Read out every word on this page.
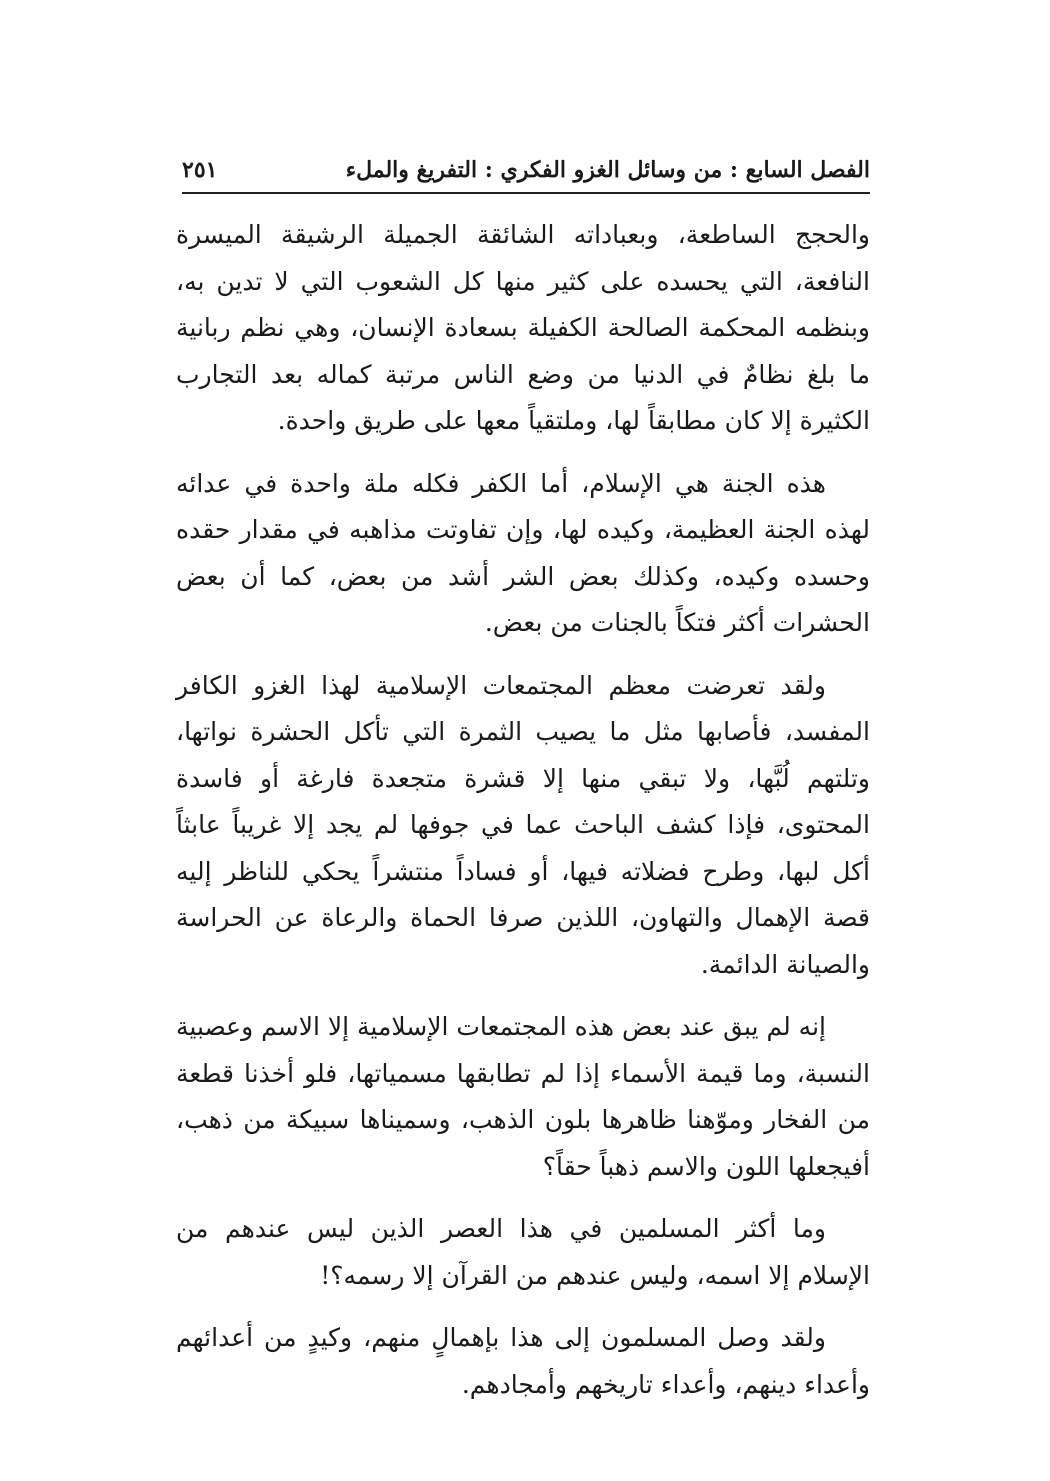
الفصل السابع : من وسائل الغزو الفكري : التفريغ والملء
٢٥١

والحجج الساطعة، وبعباداته الشائقة الجميلة الرشيقة الميسرة النافعة، التي يحسده على كثير منها كل الشعوب التي لا تدين به، وبنظمه المحكمة الصالحة الكفيلة بسعادة الإنسان، وهي نظم ربانية ما بلغ نظامٌ في الدنيا من وضع الناس مرتبة كماله بعد التجارب الكثيرة إلا كان مطابقاً لها، وملتقياً معها على طريق واحدة.

هذه الجنة هي الإسلام، أما الكفر فكله ملة واحدة في عدائه لهذه الجنة العظيمة، وكيده لها، وإن تفاوتت مذاهبه في مقدار حقده وحسده وكيده، وكذلك بعض الشر أشد من بعض، كما أن بعض الحشرات أكثر فتكاً بالجنات من بعض.

ولقد تعرضت معظم المجتمعات الإسلامية لهذا الغزو الكافر المفسد، فأصابها مثل ما يصيب الثمرة التي تأكل الحشرة نواتها، وتلتهم لُبَّها، ولا تبقي منها إلا قشرة متجعدة فارغة أو فاسدة المحتوى، فإذا كشف الباحث عما في جوفها لم يجد إلا غريباً عابثاً أكل لبها، وطرح فضلاته فيها، أو فساداً منتشراً يحكي للناظر إليه قصة الإهمال والتهاون، اللذين صرفا الحماة والرعاة عن الحراسة والصيانة الدائمة.

إنه لم يبق عند بعض هذه المجتمعات الإسلامية إلا الاسم وعصبية النسبة، وما قيمة الأسماء إذا لم تطابقها مسمياتها، فلو أخذنا قطعة من الفخار وموّهنا ظاهرها بلون الذهب، وسميناها سبيكة من ذهب، أفيجعلها اللون والاسم ذهباً حقاً؟

وما أكثر المسلمين في هذا العصر الذين ليس عندهم من الإسلام إلا اسمه، وليس عندهم من القرآن إلا رسمه؟!

ولقد وصل المسلمون إلى هذا بإهمالٍ منهم، وكيدٍ من أعدائهم وأعداء دينهم، وأعداء تاريخهم وأمجادهم.
